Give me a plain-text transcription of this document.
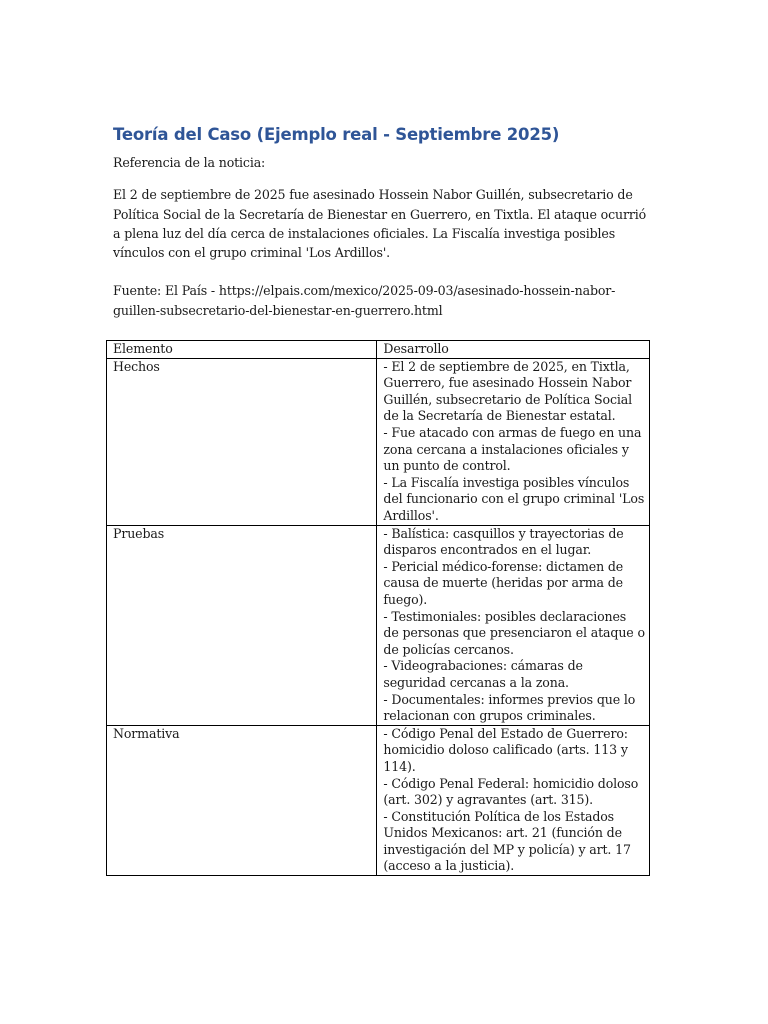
Teoría del Caso (Ejemplo real - Septiembre 2025)

Referencia de la noticia:

El 2 de septiembre de 2025 fue asesinado Hossein Nabor Guillén, subsecretario de Política Social de la Secretaría de Bienestar en Guerrero, en Tixtla. El ataque ocurrió a plena luz del día cerca de instalaciones oficiales. La Fiscalía investiga posibles vínculos con el grupo criminal 'Los Ardillos'.

Fuente: El País - https://elpais.com/mexico/2025-09-03/asesinado-hossein-nabor-guillen-subsecretario-del-bienestar-en-guerrero.html

Elemento	Desarrollo
Hechos	- El 2 de septiembre de 2025, en Tixtla, Guerrero, fue asesinado Hossein Nabor Guillén, subsecretario de Política Social de la Secretaría de Bienestar estatal.
- Fue atacado con armas de fuego en una zona cercana a instalaciones oficiales y un punto de control.
- La Fiscalía investiga posibles vínculos del funcionario con el grupo criminal 'Los Ardillos'.

Pruebas	- Balística: casquillos y trayectorias de disparos encontrados en el lugar.
- Pericial médico-forense: dictamen de causa de muerte (heridas por arma de fuego).
- Testimoniales: posibles declaraciones de personas que presenciaron el ataque o de policías cercanos.
- Videograbaciones: cámaras de seguridad cercanas a la zona.
- Documentales: informes previos que lo relacionan con grupos criminales.

Normativa	- Código Penal del Estado de Guerrero: homicidio doloso calificado (arts. 113 y 114).
- Código Penal Federal: homicidio doloso (art. 302) y agravantes (art. 315).
- Constitución Política de los Estados Unidos Mexicanos: art. 21 (función de investigación del MP y policía) y art. 17 (acceso a la justicia).
